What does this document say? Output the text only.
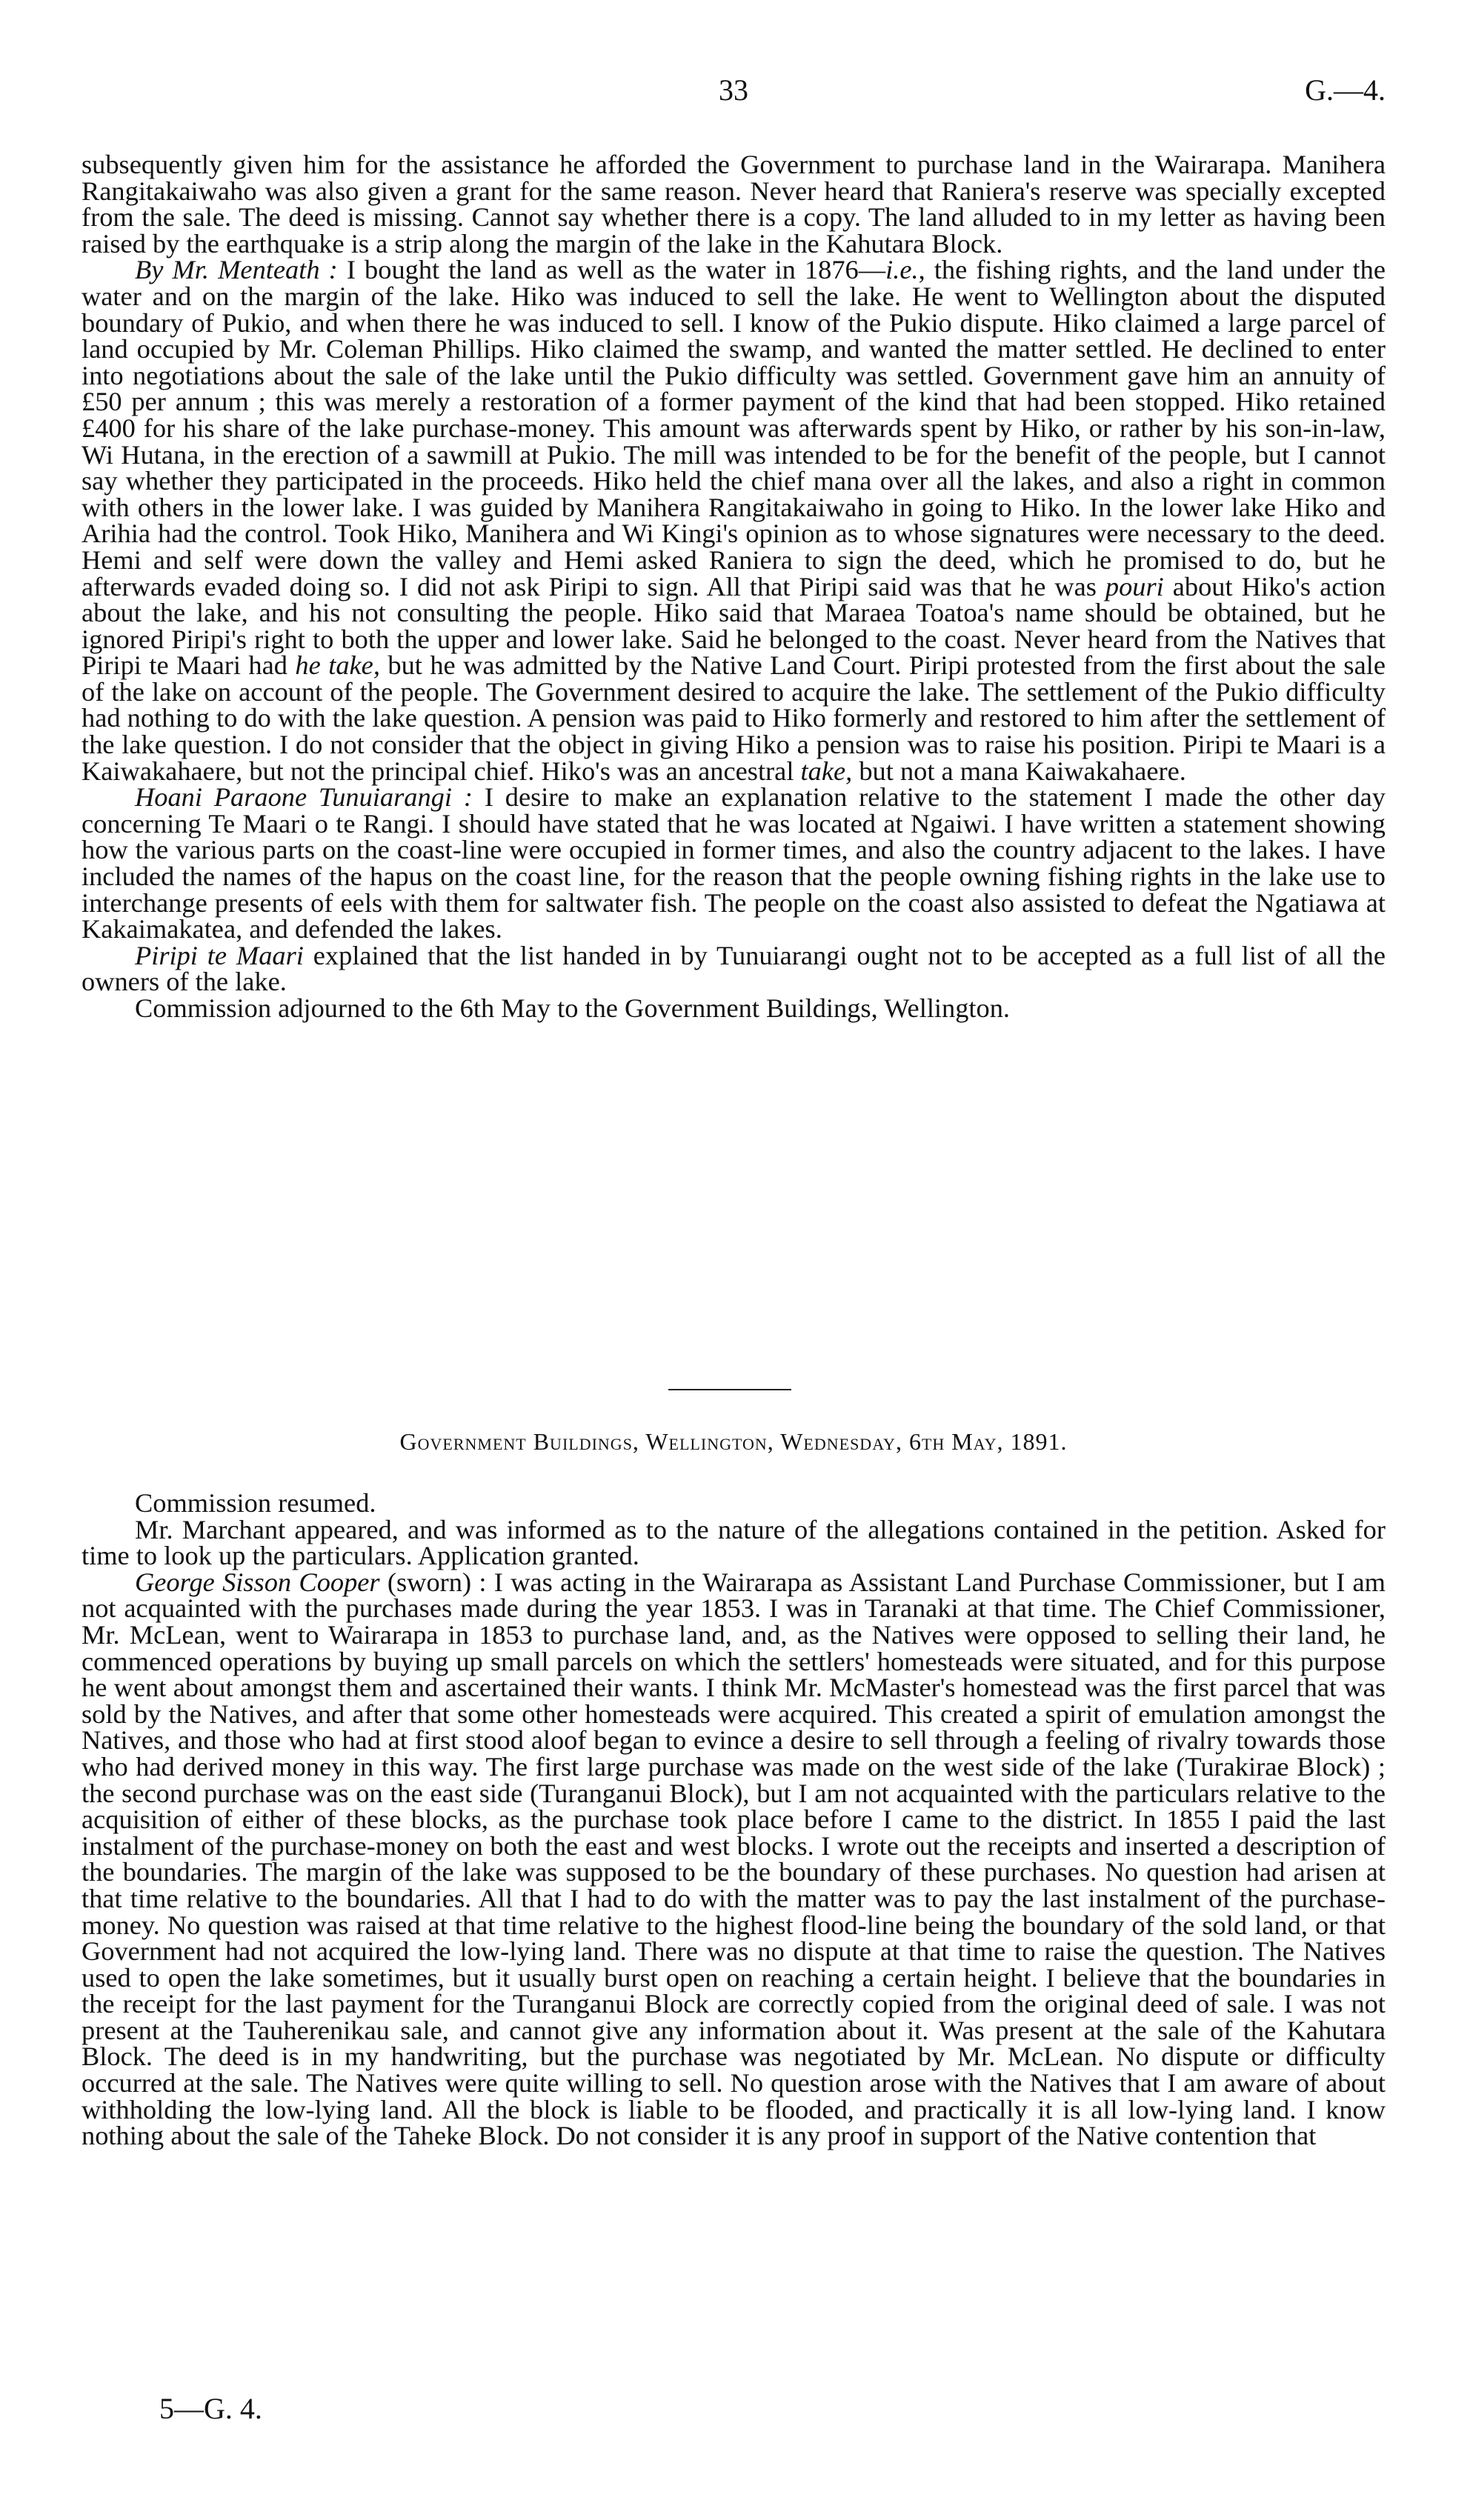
33	G.—4.

subsequently given him for the assistance he afforded the Government to purchase land in the Wairarapa. Manihera Rangitakaiwaho was also given a grant for the same reason. Never heard that Raniera's reserve was specially excepted from the sale. The deed is missing. Cannot say whether there is a copy. The land alluded to in my letter as having been raised by the earthquake is a strip along the margin of the lake in the Kahutara Block.

By Mr. Menteath : I bought the land as well as the water in 1876—i.e., the fishing rights, and the land under the water and on the margin of the lake. Hiko was induced to sell the lake. He went to Wellington about the disputed boundary of Pukio, and when there he was induced to sell. I know of the Pukio dispute. Hiko claimed a large parcel of land occupied by Mr. Coleman Phillips. Hiko claimed the swamp, and wanted the matter settled. He declined to enter into negotiations about the sale of the lake until the Pukio difficulty was settled. Government gave him an annuity of £50 per annum ; this was merely a restoration of a former payment of the kind that had been stopped. Hiko retained £400 for his share of the lake purchase-money. This amount was afterwards spent by Hiko, or rather by his son-in-law, Wi Hutana, in the erection of a sawmill at Pukio. The mill was intended to be for the benefit of the people, but I cannot say whether they participated in the proceeds. Hiko held the chief mana over all the lakes, and also a right in common with others in the lower lake. I was guided by Manihera Rangitakaiwaho in going to Hiko. In the lower lake Hiko and Arihia had the control. Took Hiko, Manihera and Wi Kingi's opinion as to whose signatures were necessary to the deed. Hemi and self were down the valley and Hemi asked Raniera to sign the deed, which he promised to do, but he afterwards evaded doing so. I did not ask Piripi to sign. All that Piripi said was that he was pouri about Hiko's action about the lake, and his not consulting the people. Hiko said that Maraea Toatoa's name should be obtained, but he ignored Piripi's right to both the upper and lower lake. Said he belonged to the coast. Never heard from the Natives that Piripi te Maari had he take, but he was admitted by the Native Land Court. Piripi protested from the first about the sale of the lake on account of the people. The Government desired to acquire the lake. The settlement of the Pukio difficulty had nothing to do with the lake question. A pension was paid to Hiko formerly and restored to him after the settlement of the lake question. I do not consider that the object in giving Hiko a pension was to raise his position. Piripi te Maari is a Kaiwakahaere, but not the principal chief. Hiko's was an ancestral take, but not a mana Kaiwakahaere.

Hoani Paraone Tunuiarangi : I desire to make an explanation relative to the statement I made the other day concerning Te Maari o te Rangi. I should have stated that he was located at Ngaiwi. I have written a statement showing how the various parts on the coast-line were occupied in former times, and also the country adjacent to the lakes. I have included the names of the hapus on the coast line, for the reason that the people owning fishing rights in the lake use to interchange presents of eels with them for saltwater fish. The people on the coast also assisted to defeat the Ngatiawa at Kakaimakatea, and defended the lakes.

Piripi te Maari explained that the list handed in by Tunuiarangi ought not to be accepted as a full list of all the owners of the lake.

Commission adjourned to the 6th May to the Government Buildings, Wellington.

Government Buildings, Wellington, Wednesday, 6th May, 1891.

Commission resumed.

Mr. Marchant appeared, and was informed as to the nature of the allegations contained in the petition. Asked for time to look up the particulars. Application granted.

George Sisson Cooper (sworn) : I was acting in the Wairarapa as Assistant Land Purchase Commissioner, but I am not acquainted with the purchases made during the year 1853. I was in Taranaki at that time. The Chief Commissioner, Mr. McLean, went to Wairarapa in 1853 to purchase land, and, as the Natives were opposed to selling their land, he commenced operations by buying up small parcels on which the settlers' homesteads were situated, and for this purpose he went about amongst them and ascertained their wants. I think Mr. McMaster's homestead was the first parcel that was sold by the Natives, and after that some other homesteads were acquired. This created a spirit of emulation amongst the Natives, and those who had at first stood aloof began to evince a desire to sell through a feeling of rivalry towards those who had derived money in this way. The first large purchase was made on the west side of the lake (Turakirae Block) ; the second purchase was on the east side (Turanganui Block), but I am not acquainted with the particulars relative to the acquisition of either of these blocks, as the purchase took place before I came to the district. In 1855 I paid the last instalment of the purchase-money on both the east and west blocks. I wrote out the receipts and inserted a description of the boundaries. The margin of the lake was supposed to be the boundary of these purchases. No question had arisen at that time relative to the boundaries. All that I had to do with the matter was to pay the last instalment of the purchase-money. No question was raised at that time relative to the highest flood-line being the boundary of the sold land, or that Government had not acquired the low-lying land. There was no dispute at that time to raise the question. The Natives used to open the lake sometimes, but it usually burst open on reaching a certain height. I believe that the boundaries in the receipt for the last payment for the Turanganui Block are correctly copied from the original deed of sale. I was not present at the Tauherenikau sale, and cannot give any information about it. Was present at the sale of the Kahutara Block. The deed is in my handwriting, but the purchase was negotiated by Mr. McLean. No dispute or difficulty occurred at the sale. The Natives were quite willing to sell. No question arose with the Natives that I am aware of about withholding the low-lying land. All the block is liable to be flooded, and practically it is all low-lying land. I know nothing about the sale of the Taheke Block. Do not consider it is any proof in support of the Native contention that

5—G. 4.
